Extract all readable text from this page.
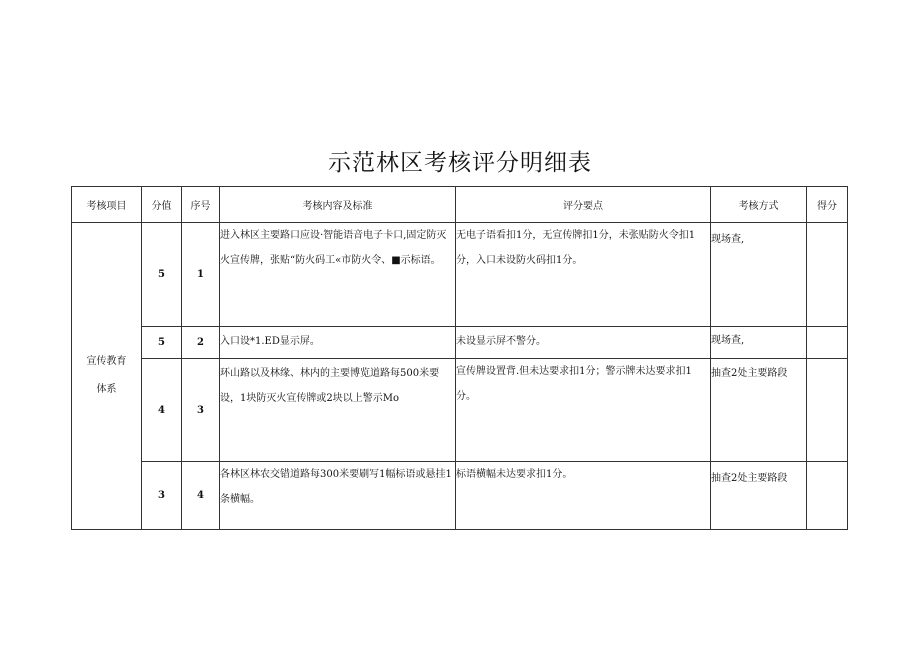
示范林区考核评分明细表
考核项目	分值	序号	考核内容及标准	评分要点	考核方式	得分

宣传教育
体系	5	1	进入林区主要路口应设·智能语音电子卡口,固定防灭火宣传牌，张贴“防火码工«市防火令、■示标语。	无电子语看扣1分，无宣传牌扣1分，未张贴防火令扣1分，入口未设防火码扣1分。	现场查,	
	5	2	入口设*1.ED显示屏。	未设显示屏不警分。	现场查,	
	4	3	环山路以及林缘、林内的主要博览道路每500米要设，1块防灭火宣传牌或2块以上警示Mo	宣传牌设置背.但未达要求扣1分；警示牌未达要求扣1分。	抽查2处主要路段	
	3	4	各林区林农交错道路每300米要刷写1幅标语或悬挂1条横幅。	标语横幅未达要求扣1分。	抽查2处主要路段	
